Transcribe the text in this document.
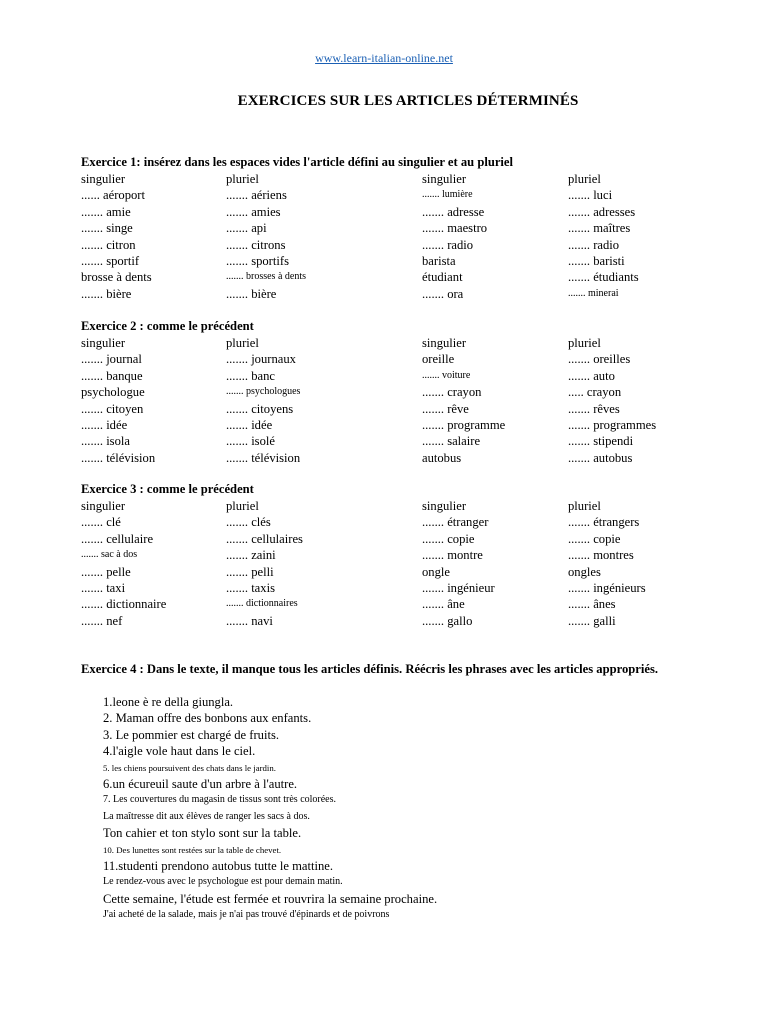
www.learn-italian-online.net
EXERCICES SUR LES ARTICLES DÉTERMINÉS
Exercice 1: insérez dans les espaces vides l'article défini au singulier et au pluriel
singulier	pluriel	singulier	pluriel
...... aéroport	....... aériens	....... lumière	....... luci
....... amie	....... amies	....... adresse	....... adresses
....... singe	....... api	....... maestro	....... maîtres
....... citron	....... citrons	....... radio	....... radio
....... sportif	....... sportifs	barista	....... baristi
brosse à dents	....... brosses à dents	étudiant	....... étudiants
....... bière	....... bière	....... ora	....... minerai
Exercice 2 : comme le précédent
singulier	pluriel	singulier	pluriel
....... journal	....... journaux	oreille	....... oreilles
....... banque	....... banc	....... voiture	....... auto
psychologue	....... psychologues	....... crayon	..... crayon
....... citoyen	....... citoyens	....... rêve	....... rêves
....... idée	....... idée	....... programme	....... programmes
....... isola	....... isolé	....... salaire	....... stipendi
....... télévision	....... télévision	autobus	....... autobus
Exercice 3 : comme le précédent
singulier	pluriel	singulier	pluriel
....... clé	....... clés	....... étranger	....... étrangers
....... cellulaire	....... cellulaires	....... copie	....... copie
....... sac à dos	....... zaini	....... montre	....... montres
....... pelle	....... pelli	ongle	ongles
....... taxi	....... taxis	....... ingénieur	....... ingénieurs
....... dictionnaire	....... dictionnaires	....... âne	....... ânes
....... nef	....... navi	....... gallo	....... galli
Exercice 4 : Dans le texte, il manque tous les articles définis. Réécris les phrases avec les articles appropriés.
1.leone è re della giungla.
2. Maman offre des bonbons aux enfants.
3. Le pommier est chargé de fruits.
4.l'aigle vole haut dans le ciel.
5. les chiens poursuivent des chats dans le jardin.
6.un écureuil saute d'un arbre à l'autre.
7. Les couvertures du magasin de tissus sont très colorées.
La maîtresse dit aux élèves de ranger les sacs à dos.
Ton cahier et ton stylo sont sur la table.
10. Des lunettes sont restées sur la table de chevet.
11.studenti prendono autobus tutte le mattine.
Le rendez-vous avec le psychologue est pour demain matin.
Cette semaine, l'étude est fermée et rouvrira la semaine prochaine.
J'ai acheté de la salade, mais je n'ai pas trouvé d'épinards et de poivrons
